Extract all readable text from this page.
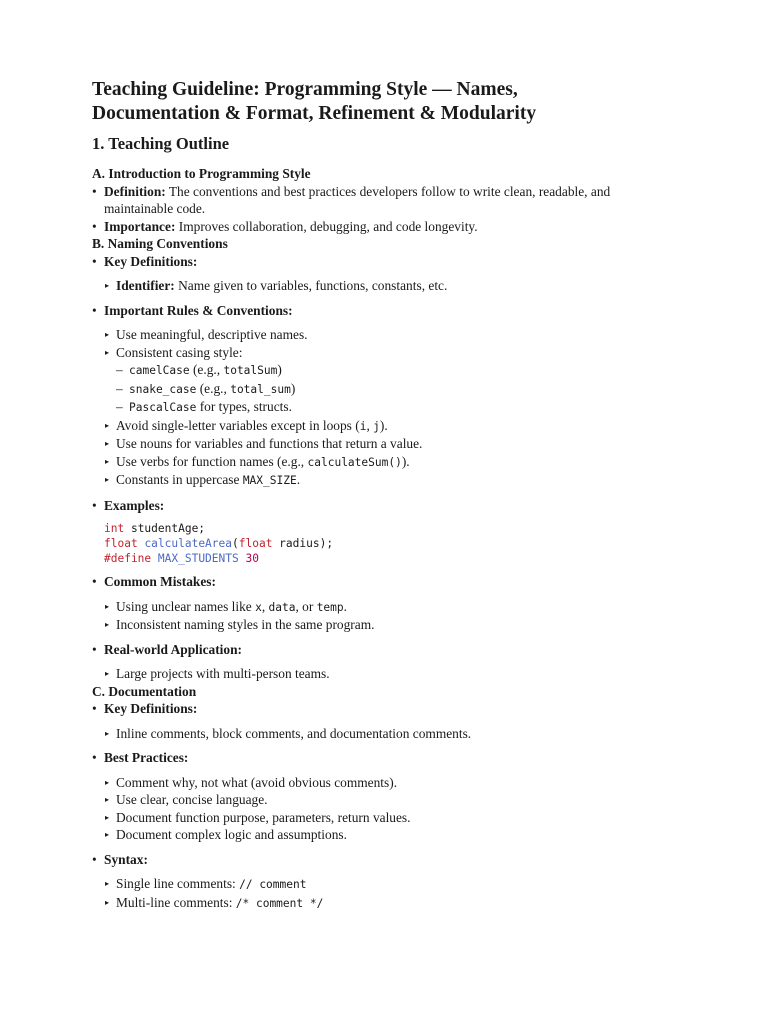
Teaching Guideline: Programming Style — Names,
Documentation & Format, Refinement & Modularity
1. Teaching Outline
A. Introduction to Programming Style
• Definition: The conventions and best practices developers follow to write clean, readable, and maintainable code.
• Importance: Improves collaboration, debugging, and code longevity.
B. Naming Conventions
• Key Definitions:
▸ Identifier: Name given to variables, functions, constants, etc.
• Important Rules & Conventions:
▸ Use meaningful, descriptive names.
▸ Consistent casing style:
– camelCase (e.g., totalSum)
– snake_case (e.g., total_sum)
– PascalCase for types, structs.
▸ Avoid single-letter variables except in loops (i, j).
▸ Use nouns for variables and functions that return a value.
▸ Use verbs for function names (e.g., calculateSum()).
▸ Constants in uppercase MAX_SIZE.
• Examples:
int studentAge;
float calculateArea(float radius);
#define MAX_STUDENTS 30
• Common Mistakes:
▸ Using unclear names like x, data, or temp.
▸ Inconsistent naming styles in the same program.
• Real-world Application:
▸ Large projects with multi-person teams.
C. Documentation
• Key Definitions:
▸ Inline comments, block comments, and documentation comments.
• Best Practices:
▸ Comment why, not what (avoid obvious comments).
▸ Use clear, concise language.
▸ Document function purpose, parameters, return values.
▸ Document complex logic and assumptions.
• Syntax:
▸ Single line comments: // comment
▸ Multi-line comments: /* comment */
